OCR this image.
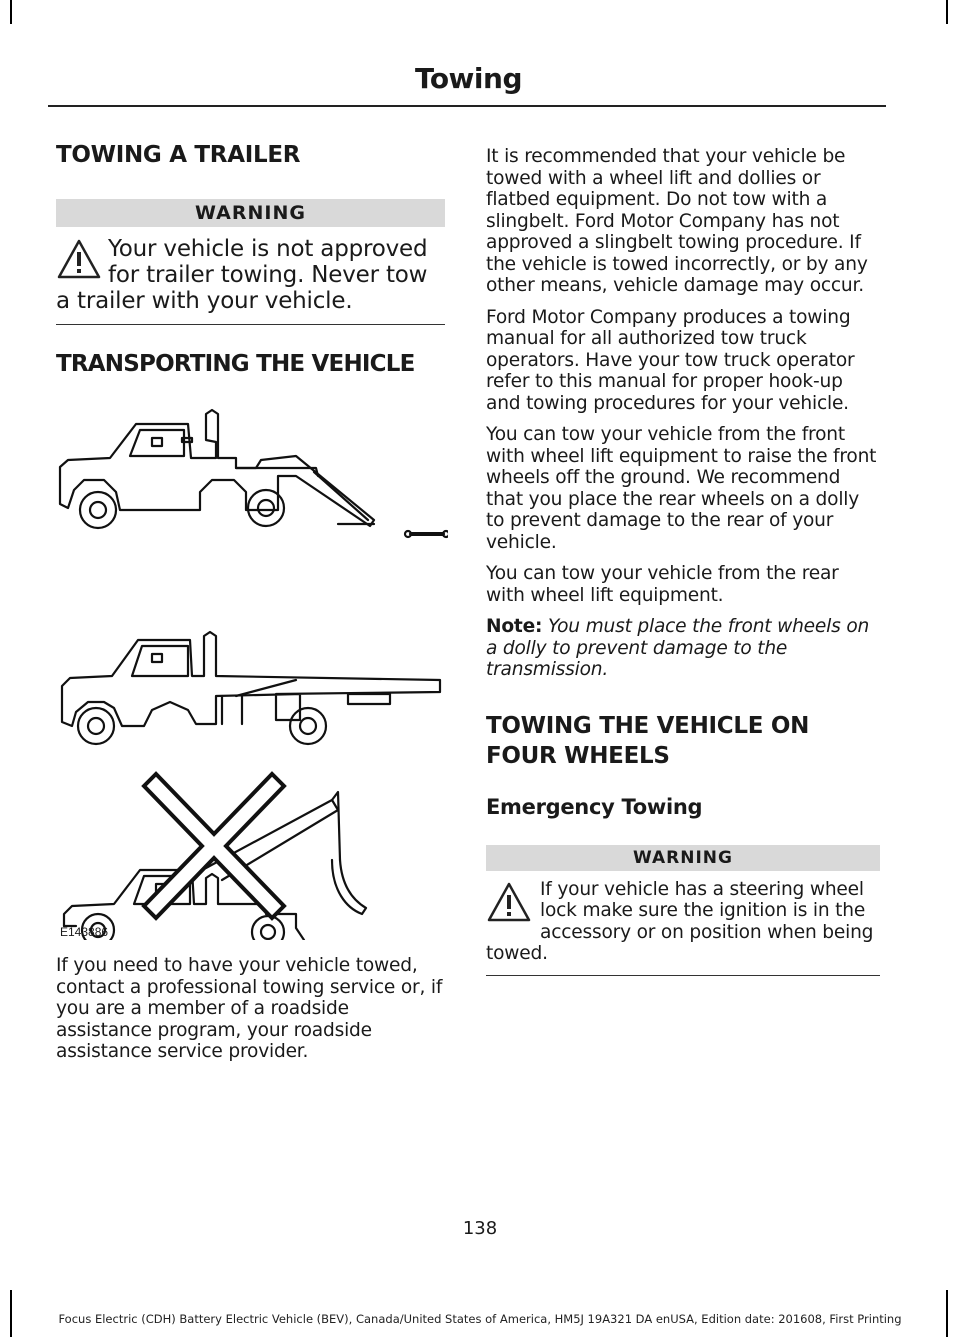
Towing
TOWING A TRAILER
WARNING

Your vehicle is not approved for trailer towing. Never tow a trailer with your vehicle.

TRANSPORTING THE VEHICLE
E143886

If you need to have your vehicle towed, contact a professional towing service or, if you are a member of a roadside assistance program, your roadside assistance service provider.

It is recommended that your vehicle be towed with a wheel lift and dollies or flatbed equipment. Do not tow with a slingbelt. Ford Motor Company has not approved a slingbelt towing procedure. If the vehicle is towed incorrectly, or by any other means, vehicle damage may occur.

Ford Motor Company produces a towing manual for all authorized tow truck operators. Have your tow truck operator refer to this manual for proper hook-up and towing procedures for your vehicle.

You can tow your vehicle from the front with wheel lift equipment to raise the front wheels off the ground. We recommend that you place the rear wheels on a dolly to prevent damage to the rear of your vehicle.

You can tow your vehicle from the rear with wheel lift equipment.

Note: You must place the front wheels on a dolly to prevent damage to the transmission.

TOWING THE VEHICLE ON
FOUR WHEELS
Emergency Towing
WARNING

If your vehicle has a steering wheel lock make sure the ignition is in the accessory or on position when being towed.

138
Focus Electric (CDH) Battery Electric Vehicle (BEV), Canada/United States of America, HM5J 19A321 DA enUSA, Edition date: 201608, First Printing
